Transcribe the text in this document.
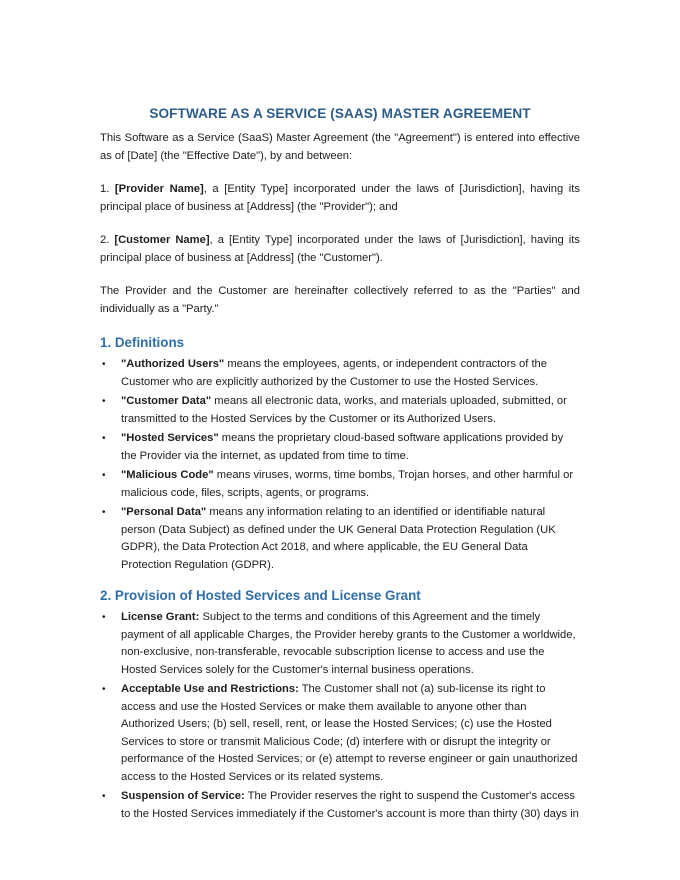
SOFTWARE AS A SERVICE (SAAS) MASTER AGREEMENT

This Software as a Service (SaaS) Master Agreement (the "Agreement") is entered into effective as of [Date] (the "Effective Date"), by and between:

1. [Provider Name], a [Entity Type] incorporated under the laws of [Jurisdiction], having its principal place of business at [Address] (the "Provider"); and

2. [Customer Name], a [Entity Type] incorporated under the laws of [Jurisdiction], having its principal place of business at [Address] (the "Customer").

The Provider and the Customer are hereinafter collectively referred to as the "Parties" and individually as a "Party."

1. Definitions
• "Authorized Users" means the employees, agents, or independent contractors of the Customer who are explicitly authorized by the Customer to use the Hosted Services.
• "Customer Data" means all electronic data, works, and materials uploaded, submitted, or transmitted to the Hosted Services by the Customer or its Authorized Users.
• "Hosted Services" means the proprietary cloud-based software applications provided by the Provider via the internet, as updated from time to time.
• "Malicious Code" means viruses, worms, time bombs, Trojan horses, and other harmful or malicious code, files, scripts, agents, or programs.
• "Personal Data" means any information relating to an identified or identifiable natural person (Data Subject) as defined under the UK General Data Protection Regulation (UK GDPR), the Data Protection Act 2018, and where applicable, the EU General Data Protection Regulation (GDPR).
2. Provision of Hosted Services and License Grant
• License Grant: Subject to the terms and conditions of this Agreement and the timely payment of all applicable Charges, the Provider hereby grants to the Customer a worldwide, non-exclusive, non-transferable, revocable subscription license to access and use the Hosted Services solely for the Customer's internal business operations.
• Acceptable Use and Restrictions: The Customer shall not (a) sub-license its right to access and use the Hosted Services or make them available to anyone other than Authorized Users; (b) sell, resell, rent, or lease the Hosted Services; (c) use the Hosted Services to store or transmit Malicious Code; (d) interfere with or disrupt the integrity or performance of the Hosted Services; or (e) attempt to reverse engineer or gain unauthorized access to the Hosted Services or its related systems.
• Suspension of Service: The Provider reserves the right to suspend the Customer's access to the Hosted Services immediately if the Customer's account is more than thirty (30) days in
